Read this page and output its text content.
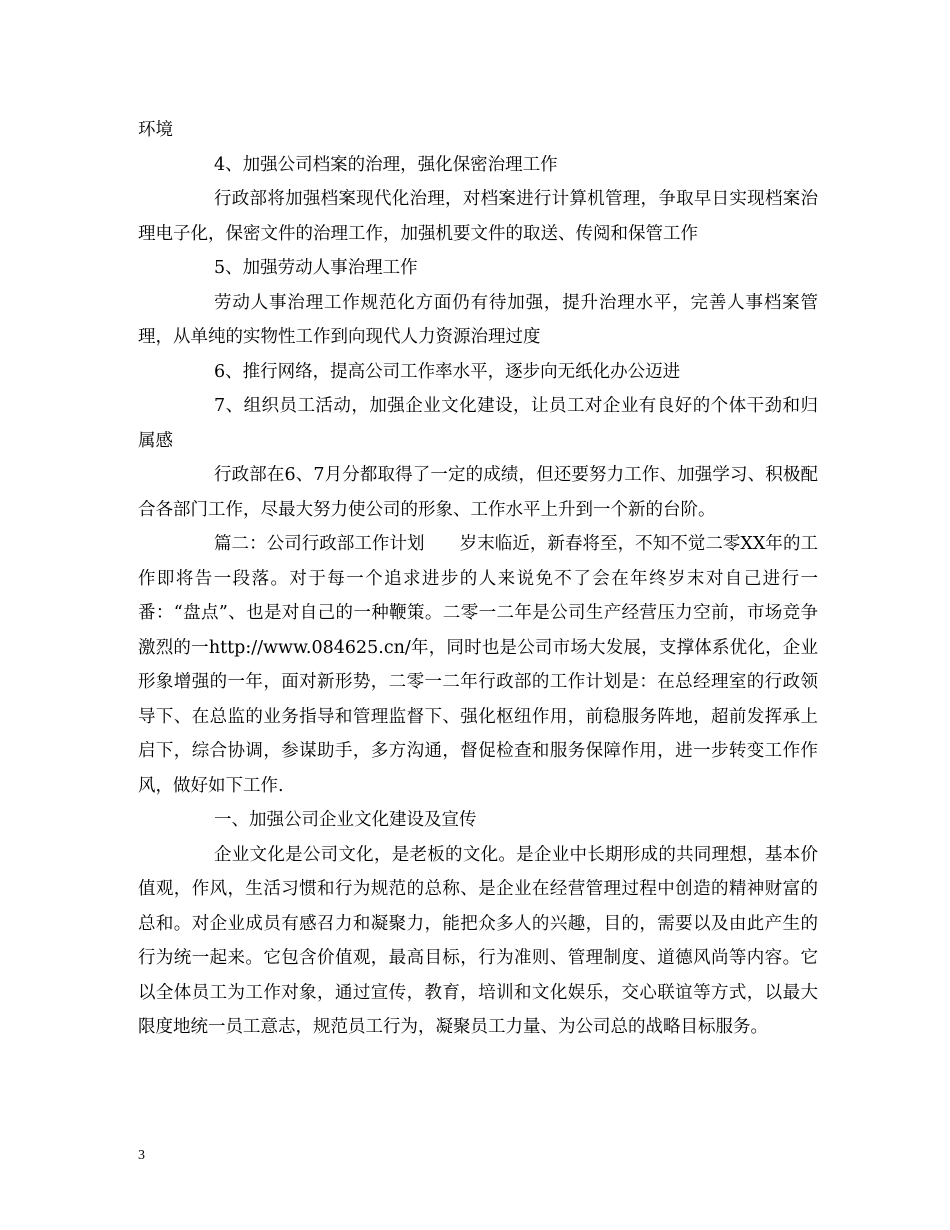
环境

4、加强公司档案的治理，强化保密治理工作

行政部将加强档案现代化治理，对档案进行计算机管理，争取早日实现档案治理电子化，保密文件的治理工作，加强机要文件的取送、传阅和保管工作

5、加强劳动人事治理工作

劳动人事治理工作规范化方面仍有待加强，提升治理水平，完善人事档案管理，从单纯的实物性工作到向现代人力资源治理过度

6、推行网络，提高公司工作率水平，逐步向无纸化办公迈进

7、组织员工活动，加强企业文化建设，让员工对企业有良好的个体干劲和归属感

行政部在6、7月分都取得了一定的成绩，但还要努力工作、加强学习、积极配合各部门工作，尽最大努力使公司的形象、工作水平上升到一个新的台阶。

篇二：公司行政部工作计划　　岁末临近，新春将至，不知不觉二零XX年的工作即将告一段落。对于每一个追求进步的人来说免不了会在年终岁末对自己进行一番：“盘点”、也是对自己的一种鞭策。二零一二年是公司生产经营压力空前，市场竞争激烈的一http://www.084625.cn/年，同时也是公司市场大发展，支撑体系优化，企业形象增强的一年，面对新形势，二零一二年行政部的工作计划是：在总经理室的行政领导下、在总监的业务指导和管理监督下、强化枢纽作用，前稳服务阵地，超前发挥承上启下，综合协调，参谋助手，多方沟通，督促检查和服务保障作用，进一步转变工作作风，做好如下工作.

一、加强公司企业文化建设及宣传

企业文化是公司文化，是老板的文化。是企业中长期形成的共同理想，基本价值观，作风，生活习惯和行为规范的总称、是企业在经营管理过程中创造的精神财富的总和。对企业成员有感召力和凝聚力，能把众多人的兴趣，目的，需要以及由此产生的行为统一起来。它包含价值观，最高目标，行为准则、管理制度、道德风尚等内容。它以全体员工为工作对象，通过宣传，教育，培训和文化娱乐，交心联谊等方式，以最大限度地统一员工意志，规范员工行为，凝聚员工力量、为公司总的战略目标服务。

3
